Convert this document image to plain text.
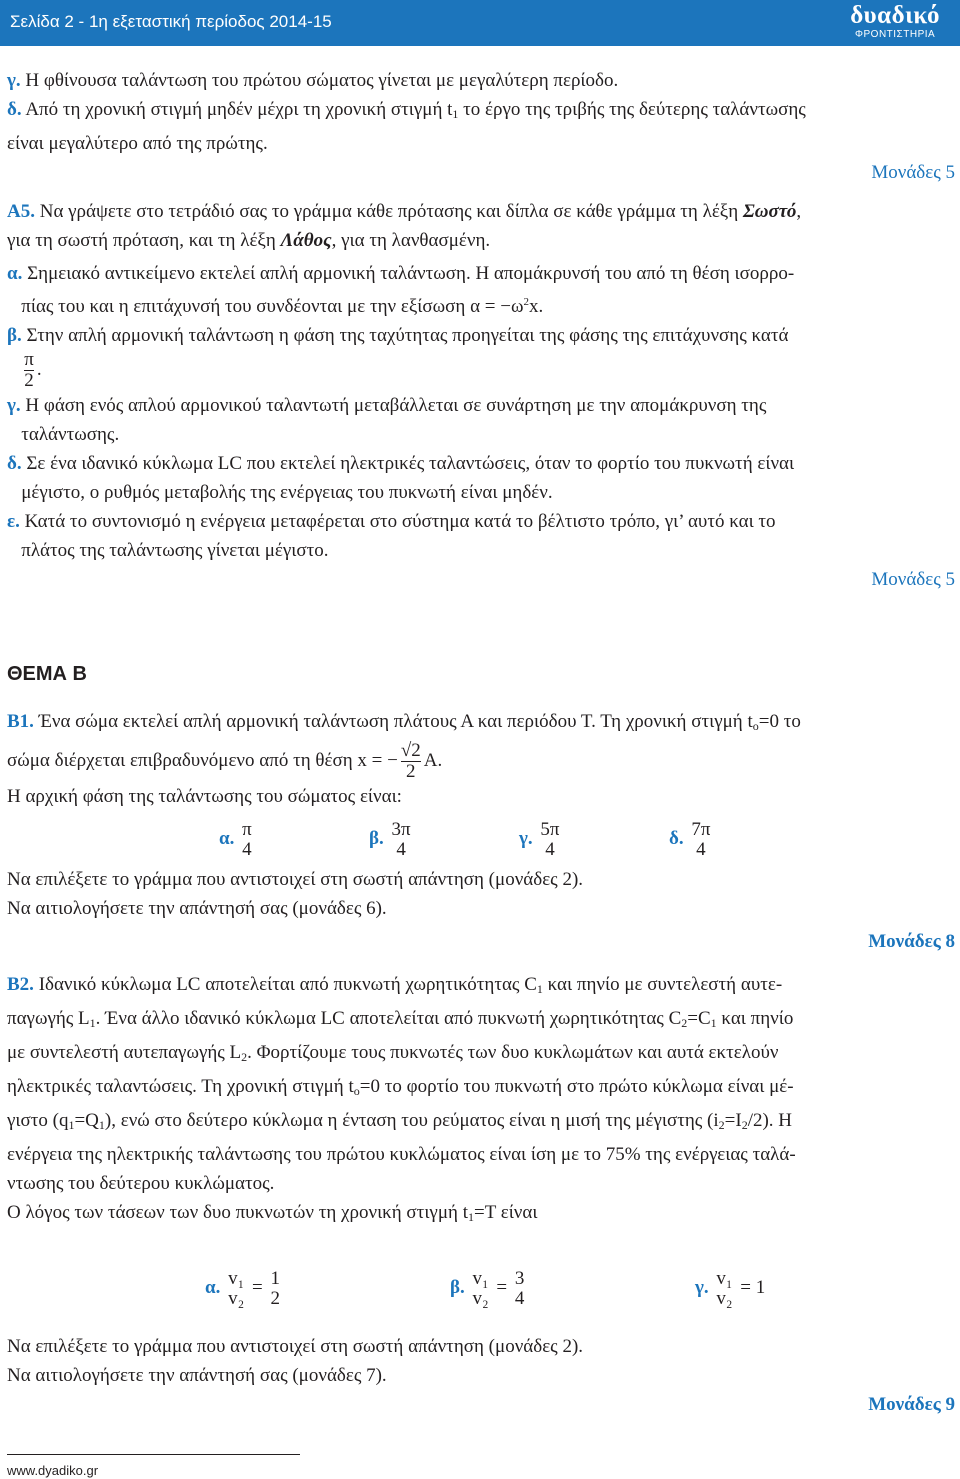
Σελίδα 2 - 1η εξεταστική περίοδος 2014-15	δυαδικό
ΦΡΟΝΤΙΣΤΗΡΙΑ
γ. Η φθίνουσα ταλάντωση του πρώτου σώματος γίνεται με μεγαλύτερη περίοδο.
δ. Από τη χρονική στιγμή μηδέν μέχρι τη χρονική στιγμή $t_1$ το έργο της τριβής της δεύτερης ταλάντωσης
είναι μεγαλύτερο από της πρώτης.
Μονάδες 5
Α5. Να γράψετε στο τετράδιό σας το γράμμα κάθε πρότασης και δίπλα σε κάθε γράμμα τη λέξη Σωστό,
για τη σωστή πρόταση, και τη λέξη Λάθος, για τη λανθασμένη.
α. Σημειακό αντικείμενο εκτελεί απλή αρμονική ταλάντωση. Η απομάκρυνσή του από τη θέση ισορρο-
πίας του και η επιτάχυνσή του συνδέονται με την εξίσωση $\alpha = -\omega^2x$.
β. Στην απλή αρμονική ταλάντωση η φάση της ταχύτητας προηγείται της φάσης της επιτάχυνσης κατά

$\frac{\pi}{2}$ .
γ. Η φάση ενός απλού αρμονικού ταλαντωτή μεταβάλλεται σε συνάρτηση με την απομάκρυνση της
ταλάντωσης.
δ. Σε ένα ιδανικό κύκλωμα LC που εκτελεί ηλεκτρικές ταλαντώσεις, όταν το φορτίο του πυκνωτή είναι
μέγιστο, ο ρυθμός μεταβολής της ενέργειας του πυκνωτή είναι μηδέν.
ε. Κατά το συντονισμό η ενέργεια μεταφέρεται στο σύστημα κατά το βέλτιστο τρόπο, γι’ αυτό και το
πλάτος της ταλάντωσης γίνεται μέγιστο.
Μονάδες 5
ΘΕΜΑ Β
Β1. Ένα σώμα εκτελεί απλή αρμονική ταλάντωση πλάτους Α και περιόδου Τ. Τη χρονική στιγμή $t_o=0$ το
σώμα διέρχεται επιβραδυνόμενο από τη θέση x = − $\frac{√2}{2} A$.
Η αρχική φάση της ταλάντωσης του σώματος είναι:
α. π
4
β. 3π
4
γ. 5π
4
δ. 7π
4
Να επιλέξετε το γράμμα που αντιστοιχεί στη σωστή απάντηση (μονάδες 2).
Να αιτιολογήσετε την απάντησή σας (μονάδες 6).
Μονάδες 8
Β2. Ιδανικό κύκλωμα LC αποτελείται από πυκνωτή χωρητικότητας $C_1$ και πηνίο με συντελεστή αυτε-
παγωγής $L_1$. Ένα άλλο ιδανικό κύκλωμα LC αποτελείται από πυκνωτή χωρητικότητας $C_2=C_1$ και πηνίο
με συντελεστή αυτεπαγωγής $L_2$. Φορτίζουμε τους πυκνωτές των δυο κυκλωμάτων και αυτά εκτελούν
ηλεκτρικές ταλαντώσεις. Τη χρονική στιγμή $t_o=0$ το φορτίο του πυκνωτή στο πρώτο κύκλωμα είναι μέ-
γιστο $(q_1=Q_1)$, ενώ στο δεύτερο κύκλωμα η ένταση του ρεύματος είναι η μισή της μέγιστης $(i_2=I_2/2)$. Η
ενέργεια της ηλεκτρικής ταλάντωσης του πρώτου κυκλώματος είναι ίση με το 75% της ενέργειας ταλά-
ντωσης του δεύτερου κυκλώματος.
Ο λόγος των τάσεων των δυο πυκνωτών τη χρονική στιγμή $t_1=T$ είναι
α. v₁
v₂
= 1
2
β. v₁
v₂
= 3
4
γ. v₁
v₂
= 1
Να επιλέξετε το γράμμα που αντιστοιχεί στη σωστή απάντηση (μονάδες 2).
Να αιτιολογήσετε την απάντησή σας (μονάδες 7).
Μονάδες 9
www.dyadiko.gr
